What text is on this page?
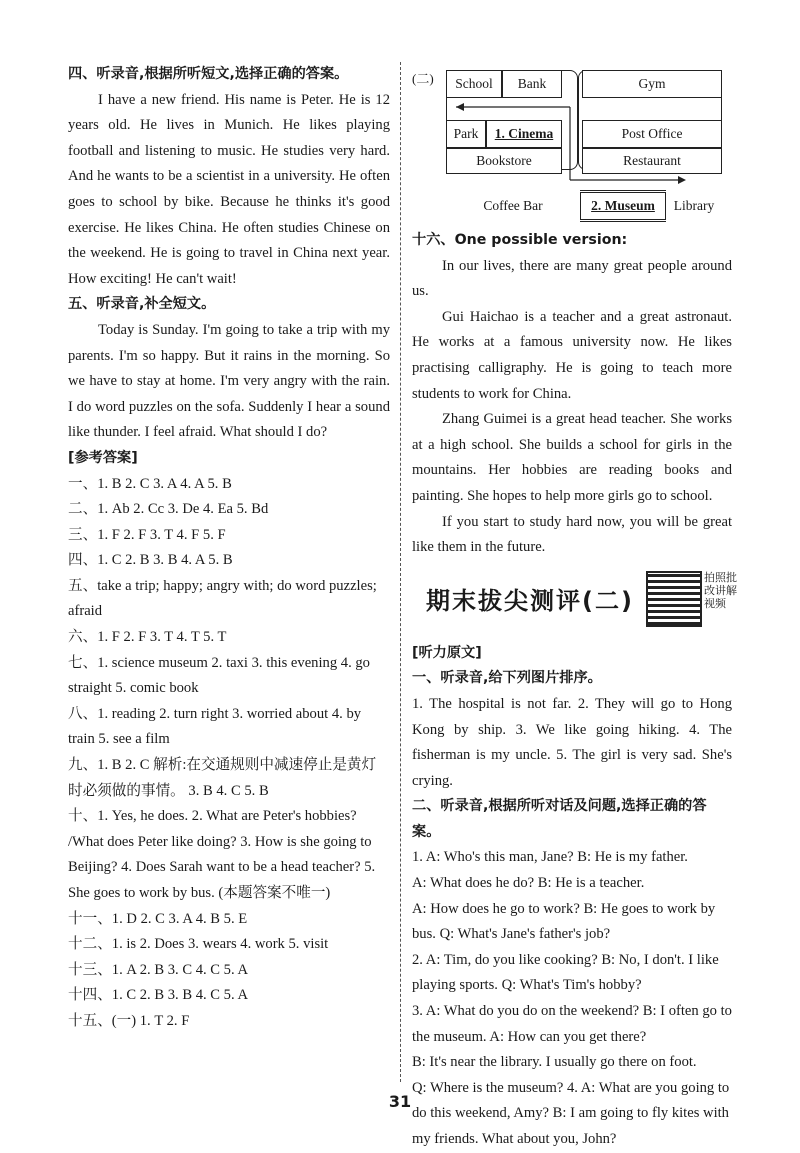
四、听录音,根据所听短文,选择正确的答案。

I have a new friend. His name is Peter. He is 12 years old. He lives in Munich. He likes playing football and listening to music. He studies very hard. And he wants to be a scientist in a university. He often goes to school by bike. Because he thinks it's good exercise. He likes China. He often studies Chinese on the weekend. He is going to travel in China next year. How exciting! He can't wait!

五、听录音,补全短文。

Today is Sunday. I'm going to take a trip with my parents. I'm so happy. But it rains in the morning. So we have to stay at home. I'm very angry with the rain. I do word puzzles on the sofa. Suddenly I hear a sound like thunder. I feel afraid. What should I do?

[参考答案]

一、1. B 2. C 3. A 4. A 5. B

二、1. Ab 2. Cc 3. De 4. Ea 5. Bd

三、1. F 2. F 3. T 4. F 5. F

四、1. C 2. B 3. B 4. A 5. B

五、take a trip; happy; angry with; do word puzzles; afraid

六、1. F 2. F 3. T 4. T 5. T

七、1. science museum 2. taxi 3. this evening 4. go straight 5. comic book

八、1. reading 2. turn right 3. worried about 4. by train 5. see a film

九、1. B 2. C 解析:在交通规则中减速停止是黄灯时必须做的事情。 3. B 4. C 5. B

十、1. Yes, he does. 2. What are Peter's hobbies? /What does Peter like doing? 3. How is she going to Beijing? 4. Does Sarah want to be a head teacher? 5. She goes to work by bus. (本题答案不唯一)

十一、1. D 2. C 3. A 4. B 5. E

十二、1. is 2. Does 3. wears 4. work 5. visit

十三、1. A 2. B 3. C 4. C 5. A

十四、1. C 2. B 3. B 4. C 5. A

十五、(一) 1. T 2. F

(二)	School	Bank	Gym
Park	1. Cinema	Post Office
Bookstore	Restaurant
Coffee Bar	2. Museum	Library
十六、One possible version:

In our lives, there are many great people around us.

Gui Haichao is a teacher and a great astronaut. He works at a famous university now. He likes practising calligraphy. He is going to teach more students to work for China.

Zhang Guimei is a great head teacher. She works at a high school. She builds a school for girls in the mountains. Her hobbies are reading books and painting. She hopes to help more girls go to school.

If you start to study hard now, you will be great like them in the future.

期末拔尖测评(二)
拍照批改讲解视频
[听力原文]
一、听录音,给下列图片排序。

1. The hospital is not far. 2. They will go to Hong Kong by ship. 3. We like going hiking. 4. The fisherman is my uncle. 5. The girl is very sad. She's crying.

二、听录音,根据所听对话及问题,选择正确的答案。

1. A: Who's this man, Jane? B: He is my father.

A: What does he do? B: He is a teacher.

A: How does he go to work? B: He goes to work by bus. Q: What's Jane's father's job?

2. A: Tim, do you like cooking? B: No, I don't. I like playing sports. Q: What's Tim's hobby?

3. A: What do you do on the weekend? B: I often go to the museum. A: How can you get there?

B: It's near the library. I usually go there on foot.

Q: Where is the museum? 4. A: What are you going to do this weekend, Amy? B: I am going to fly kites with my friends. What about you, John?

31
